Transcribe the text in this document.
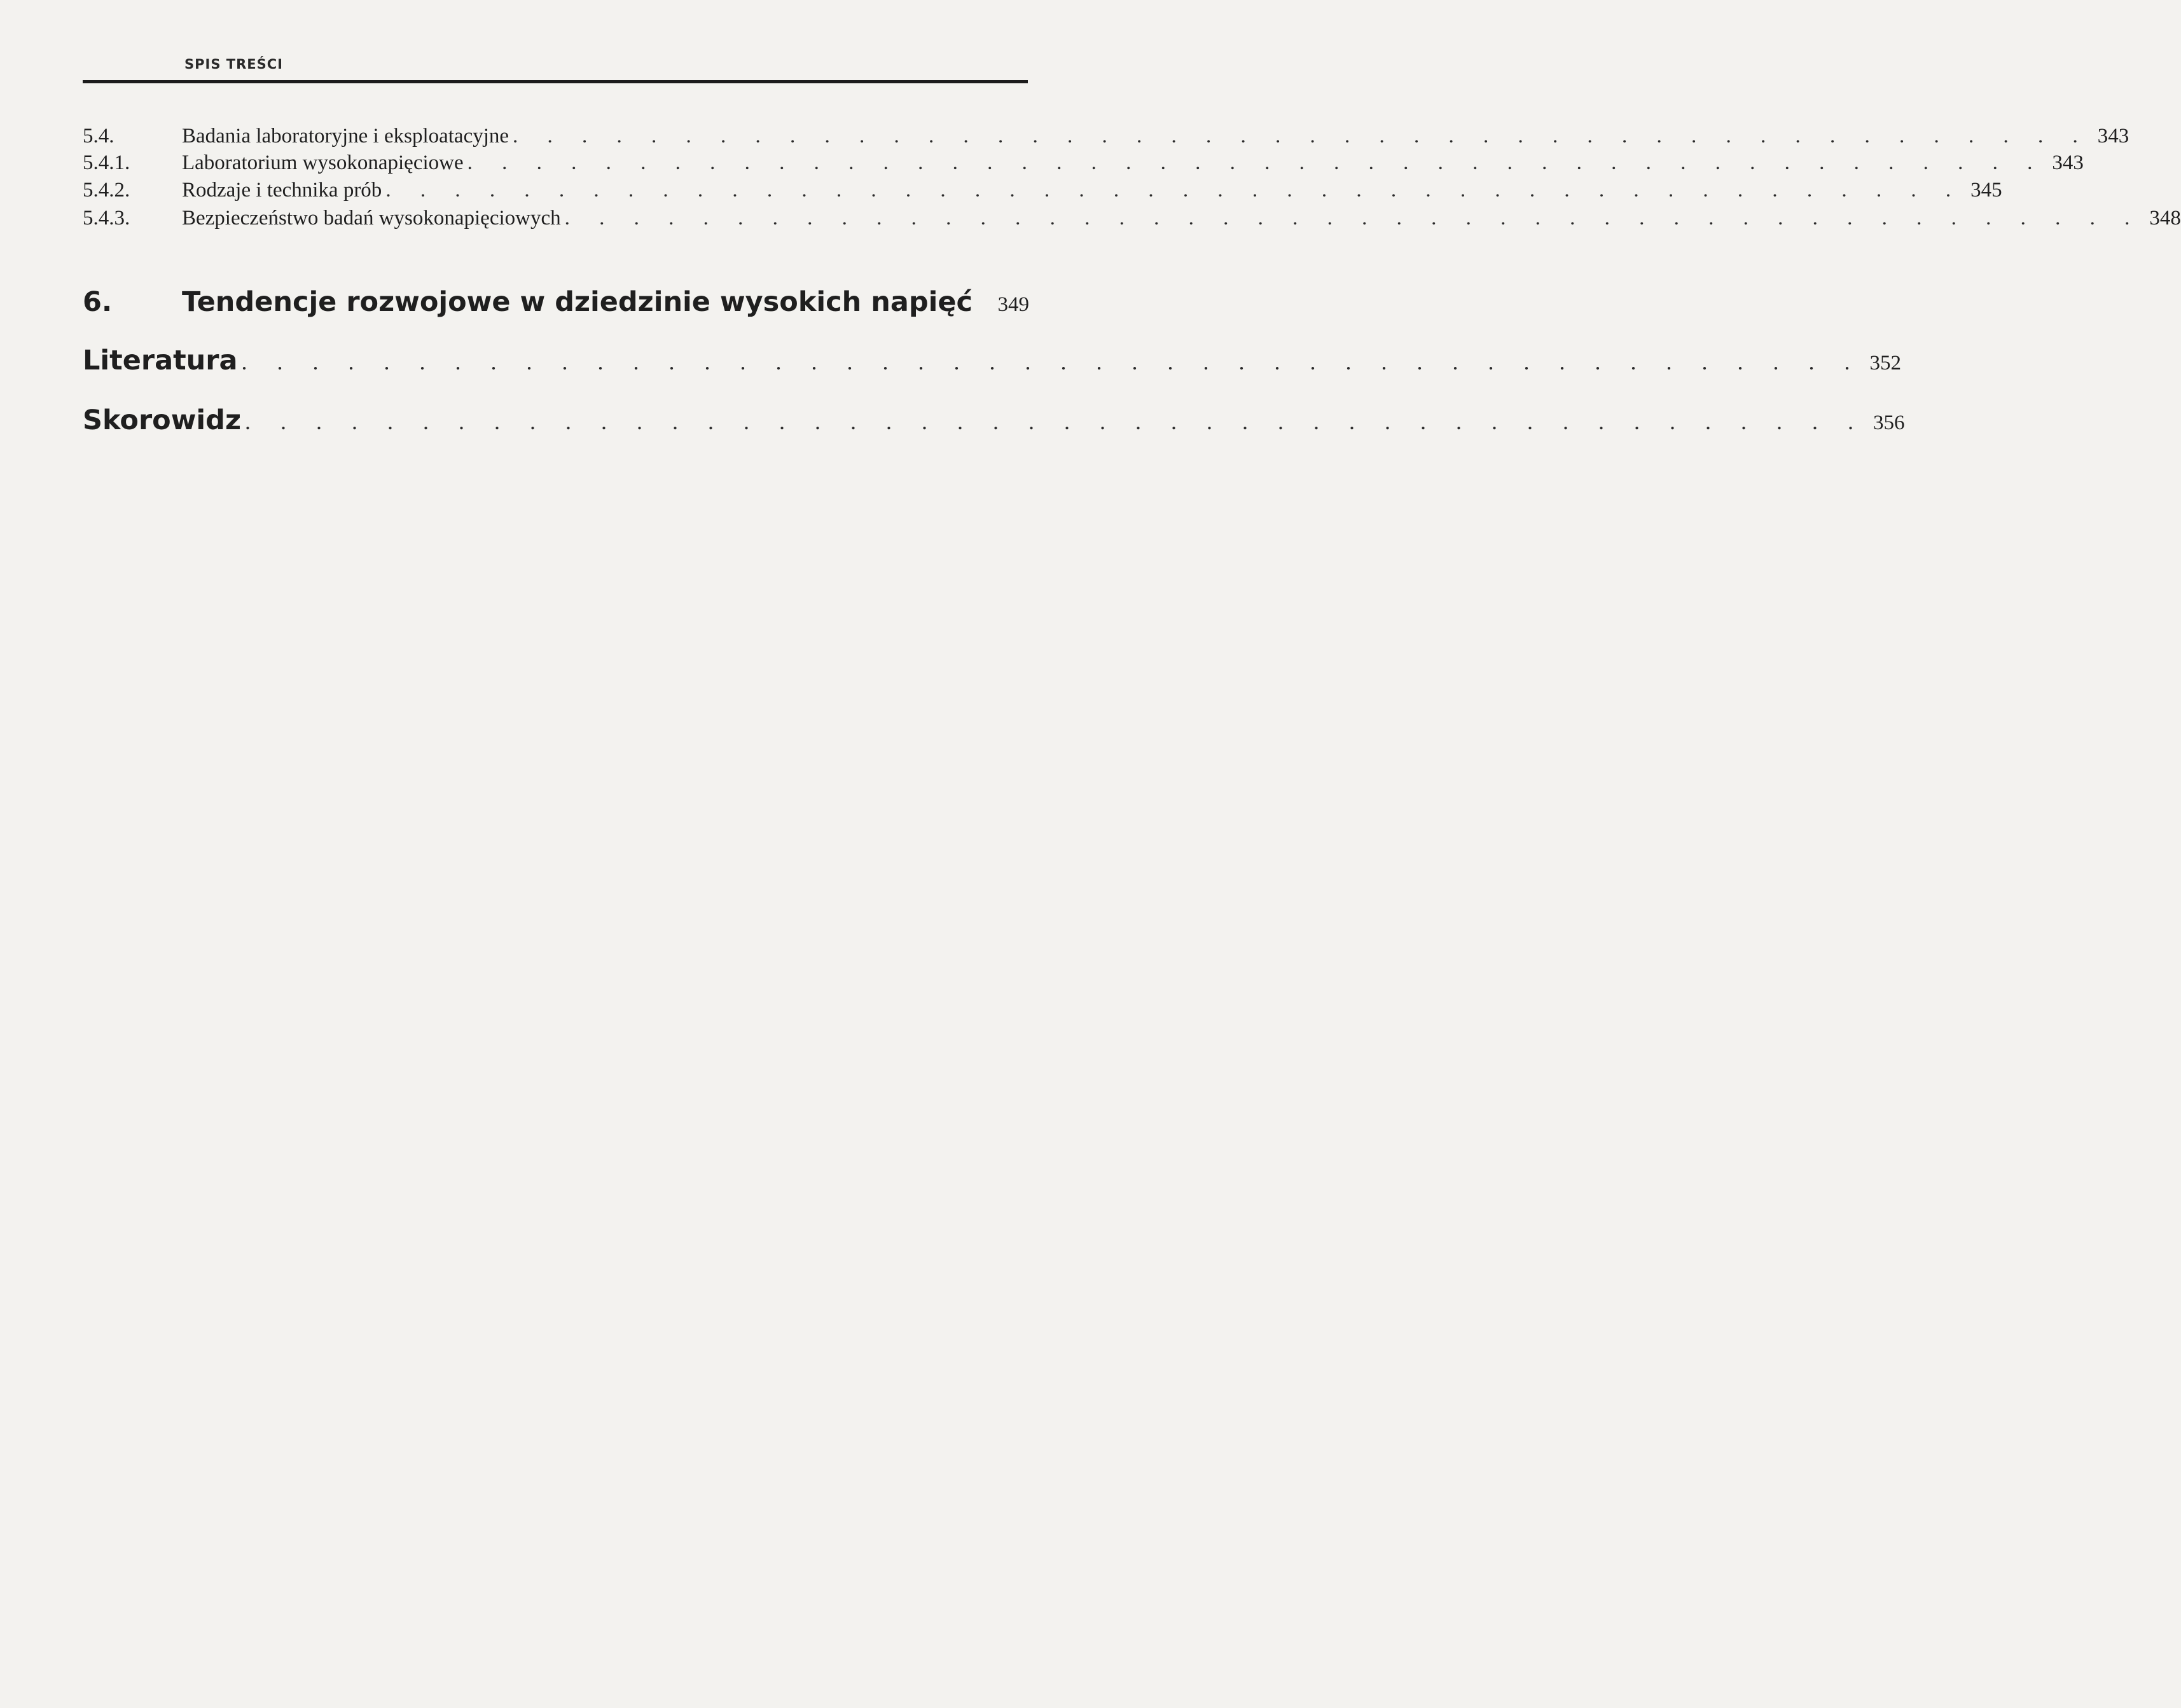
SPIS TREŚCI
5.4.	Badania laboratoryjne i eksploatacyjne . . . . . . . . . . . . . . . . . . . . . . . . . . . . . . . . . . . . . . . . . . . . . . 343
5.4.1.	Laboratorium wysokonapięciowe . . . . . . . . . . . . . . . . . . . . . . . . . . . . . . . . . . . . . . . . . . . . . . 343
5.4.2.	Rodzaje i technika prób . . . . . . . . . . . . . . . . . . . . . . . . . . . . . . . . . . . . . . . . . . . . . . 345
5.4.3.	Bezpieczeństwo badań wysokonapięciowych . . . . . . . . . . . . . . . . . . . . . . . . . . . . . . . . . . . . . . . . . . . . . . 348
6.	Tendencje rozwojowe w dziedzinie wysokich napięć	349
Literatura . . . . . . . . . . . . . . . . . . . . . . . . . . . . . . . . . . . . . . . . . . . . . . 352
Skorowidz . . . . . . . . . . . . . . . . . . . . . . . . . . . . . . . . . . . . . . . . . . . . . . 356
